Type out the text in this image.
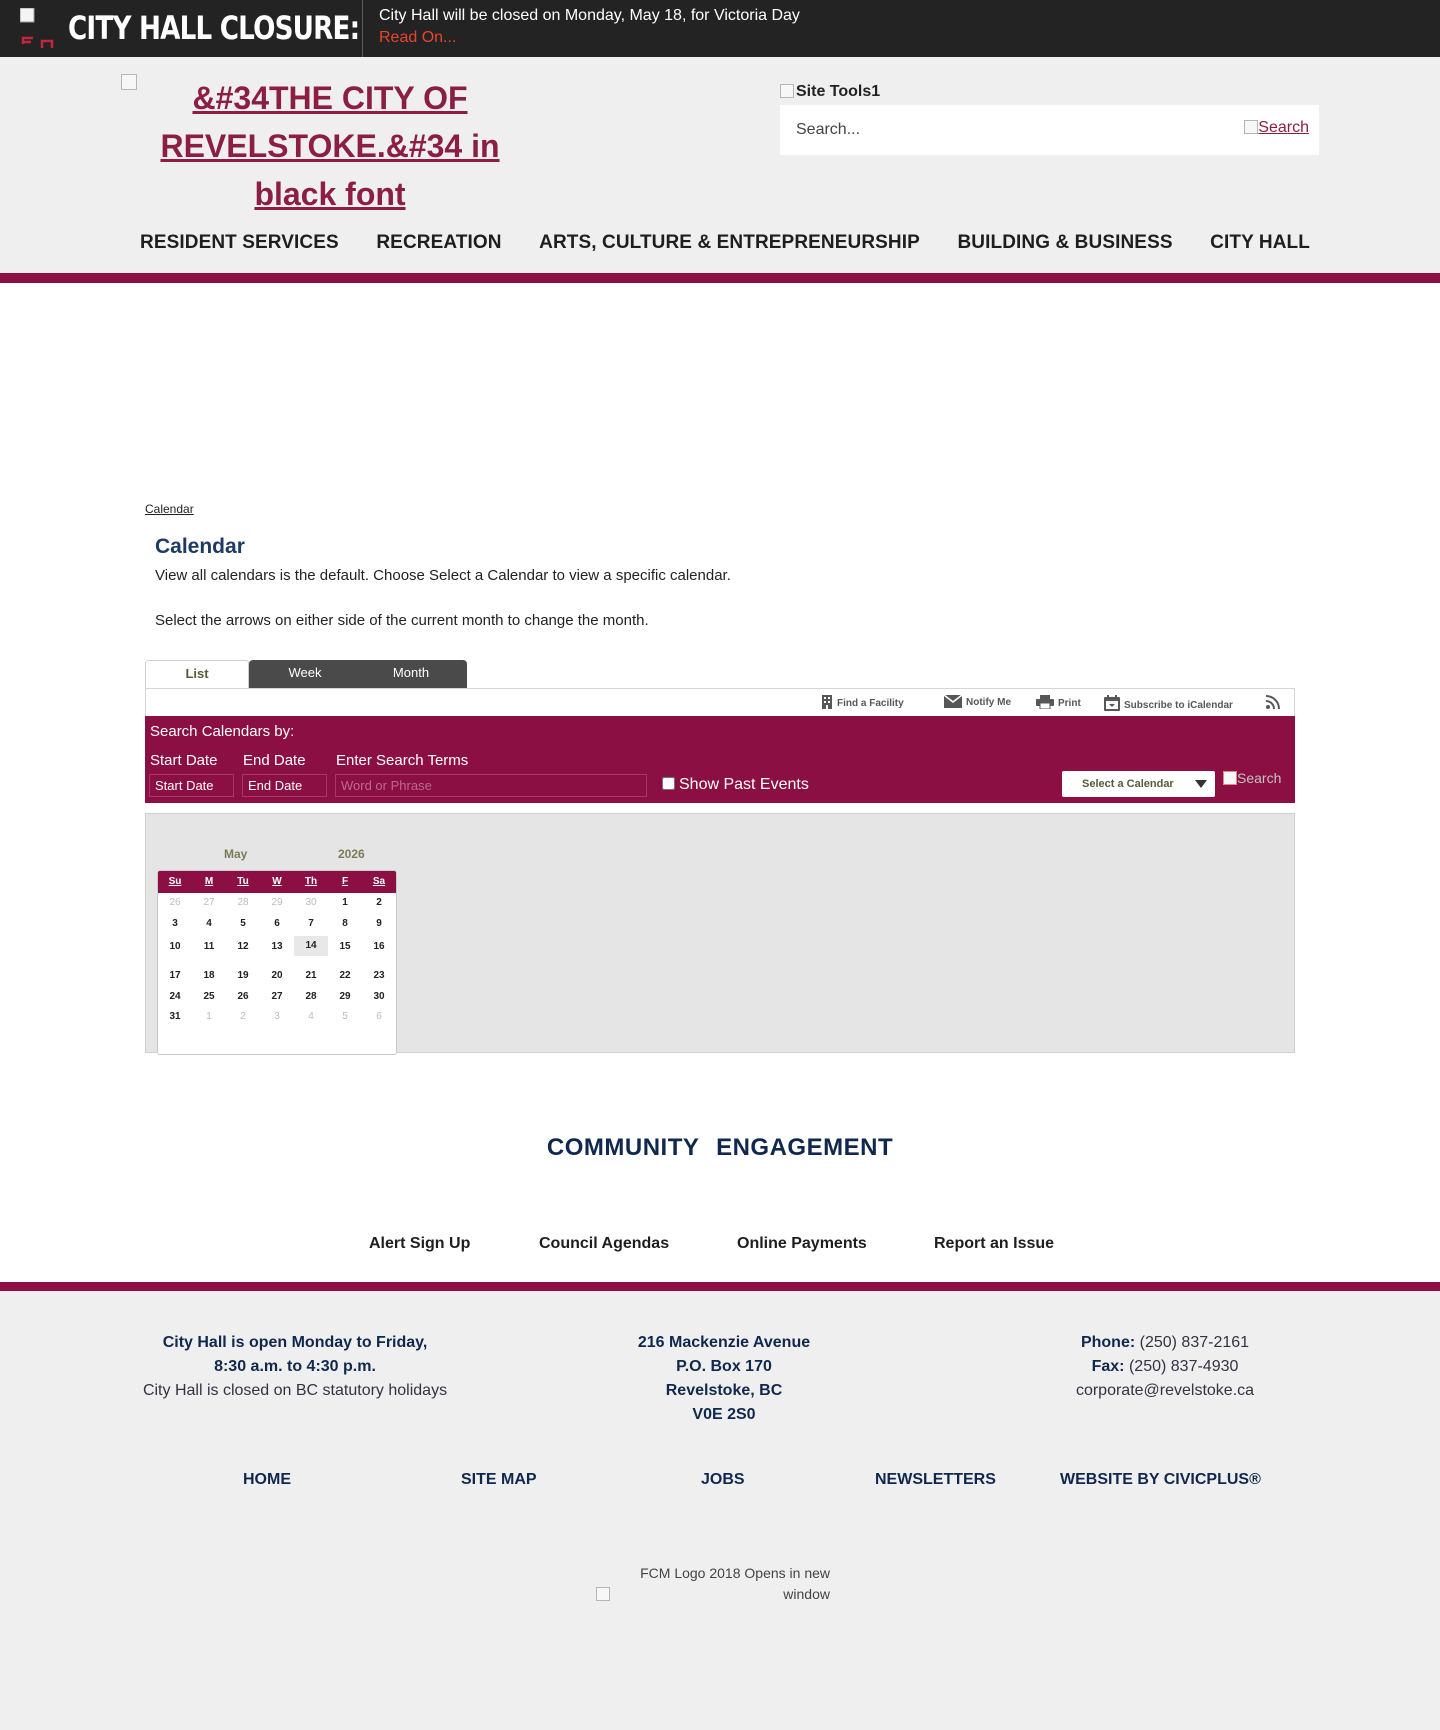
CITY HALL CLOSURE: City Hall will be closed on Monday, May 18, for Victoria Day
Read On...
&#34THE CITY OF REVELSTOKE.&#34 in black font
Site Tools1
Search...
Search
RESIDENT SERVICES RECREATION ARTS, CULTURE & ENTREPRENEURSHIP BUILDING & BUSINESS CITY HALL
Calendar
Calendar

View all calendars is the default. Choose Select a Calendar to view a specific calendar.

Select the arrows on either side of the current month to change the month.

List	Week	Month
Find a Facility	Notify Me	Print	Subscribe to iCalendar
Search Calendars by:
Start Date End Date Enter Search Terms
Start Date
End Date
Word or Phrase
Show Past Events	Select a Calendar	Search
May	2026
Su	M	Tu	W	Th	F	Sa
26	27	28	29	30	1	2
3	4	5	6	7	8	9
10	11	12	13	14	15	16
17	18	19	20	21	22	23
24	25	26	27	28	29	30
31	1	2	3	4	5	6
COMMUNITY ENGAGEMENT
Alert Sign Up	Council Agendas	Online Payments	Report an Issue
City Hall is open Monday to Friday,
8:30 a.m. to 4:30 p.m.
City Hall is closed on BC statutory holidays
216 Mackenzie Avenue
P.O. Box 170
Revelstoke, BC
V0E 2S0
Phone: (250) 837-2161
Fax: (250) 837-4930
corporate@revelstoke.ca
HOME	SITE MAP	JOBS	NEWSLETTERS	WEBSITE BY CIVICPLUS®
FCM Logo 2018 Opens in new window
